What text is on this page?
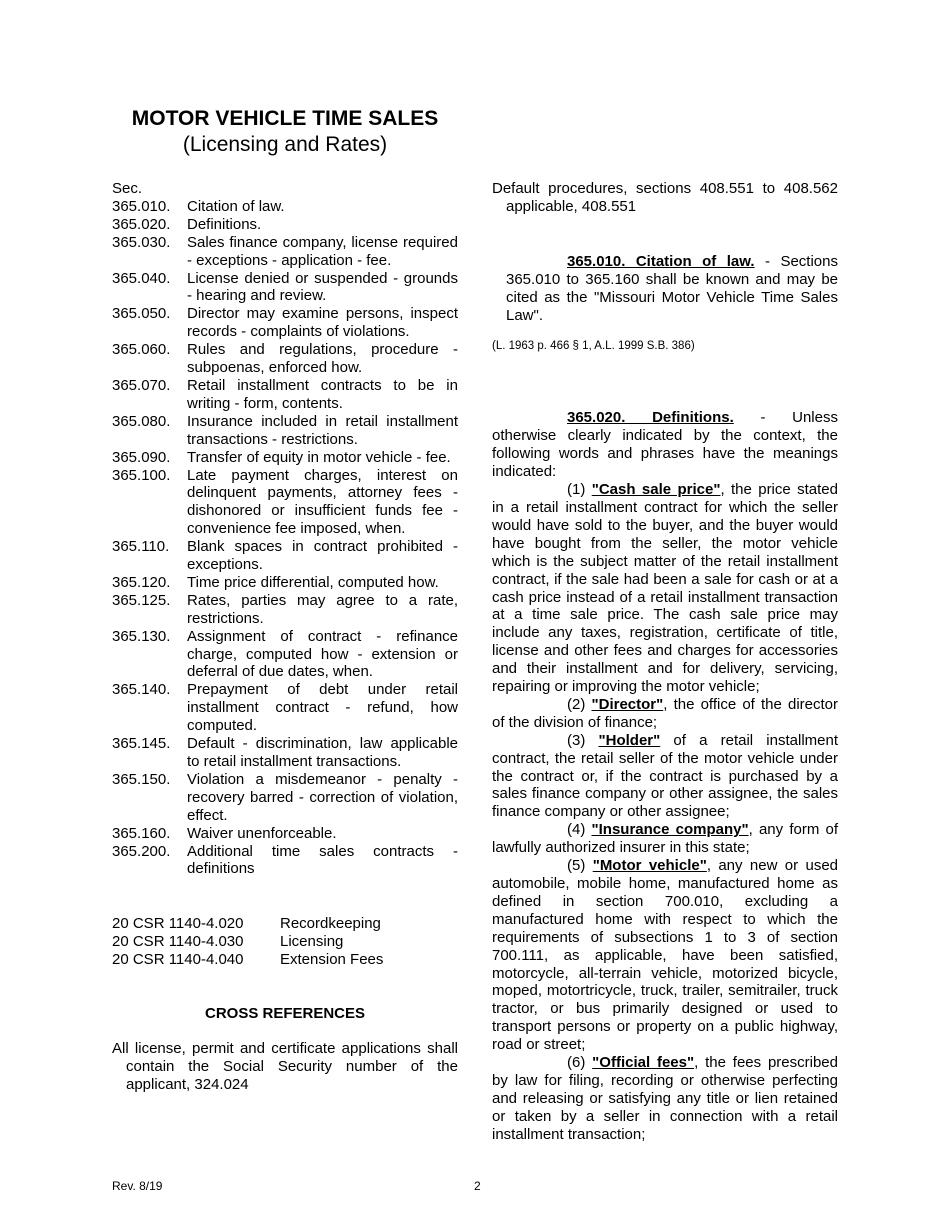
MOTOR VEHICLE TIME SALES
(Licensing and Rates)
Sec.
365.010.	Citation of law.
365.020.	Definitions.
365.030.	Sales finance company, license required - exceptions - application - fee.
365.040.	License denied or suspended - grounds - hearing and review.
365.050.	Director may examine persons, inspect records - complaints of violations.
365.060.	Rules and regulations, procedure - subpoenas, enforced how.
365.070.	Retail installment contracts to be in writing - form, contents.
365.080.	Insurance included in retail installment transactions - restrictions.
365.090.	Transfer of equity in motor vehicle - fee.
365.100.	Late payment charges, interest on delinquent payments, attorney fees - dishonored or insufficient funds fee - convenience fee imposed, when.
365.110.	Blank spaces in contract prohibited - exceptions.
365.120.	Time price differential, computed how.
365.125.	Rates, parties may agree to a rate, restrictions.
365.130.	Assignment of contract - refinance charge, computed how - extension or deferral of due dates, when.
365.140.	Prepayment of debt under retail installment contract - refund, how computed.
365.145.	Default - discrimination, law applicable to retail installment transactions.
365.150.	Violation a misdemeanor - penalty - recovery barred - correction of violation, effect.
365.160.	Waiver unenforceable.
365.200.	Additional time sales contracts - definitions
20 CSR 1140-4.020	Recordkeeping
20 CSR 1140-4.030	Licensing
20 CSR 1140-4.040	Extension Fees
CROSS REFERENCES

All license, permit and certificate applications shall contain the Social Security number of the applicant, 324.024

Default procedures, sections 408.551 to 408.562 applicable, 408.551

365.010. Citation of law. - Sections 365.010 to 365.160 shall be known and may be cited as the "Missouri Motor Vehicle Time Sales Law".

(L. 1963 p. 466 § 1, A.L. 1999 S.B. 386)

365.020. Definitions. - Unless otherwise clearly indicated by the context, the following words and phrases have the meanings indicated:

(1) "Cash sale price", the price stated in a retail installment contract for which the seller would have sold to the buyer, and the buyer would have bought from the seller, the motor vehicle which is the subject matter of the retail installment contract, if the sale had been a sale for cash or at a cash price instead of a retail installment transaction at a time sale price. The cash sale price may include any taxes, registration, certificate of title, license and other fees and charges for accessories and their installment and for delivery, servicing, repairing or improving the motor vehicle;

(2) "Director", the office of the director of the division of finance;

(3) "Holder" of a retail installment contract, the retail seller of the motor vehicle under the contract or, if the contract is purchased by a sales finance company or other assignee, the sales finance company or other assignee;

(4) "Insurance company", any form of lawfully authorized insurer in this state;

(5) "Motor vehicle", any new or used automobile, mobile home, manufactured home as defined in section 700.010, excluding a manufactured home with respect to which the requirements of subsections 1 to 3 of section 700.111, as applicable, have been satisfied, motorcycle, all-terrain vehicle, motorized bicycle, moped, motortricycle, truck, trailer, semitrailer, truck tractor, or bus primarily designed or used to transport persons or property on a public highway, road or street;

(6) "Official fees", the fees prescribed by law for filing, recording or otherwise perfecting and releasing or satisfying any title or lien retained or taken by a seller in connection with a retail installment transaction;

Rev. 8/19	2
